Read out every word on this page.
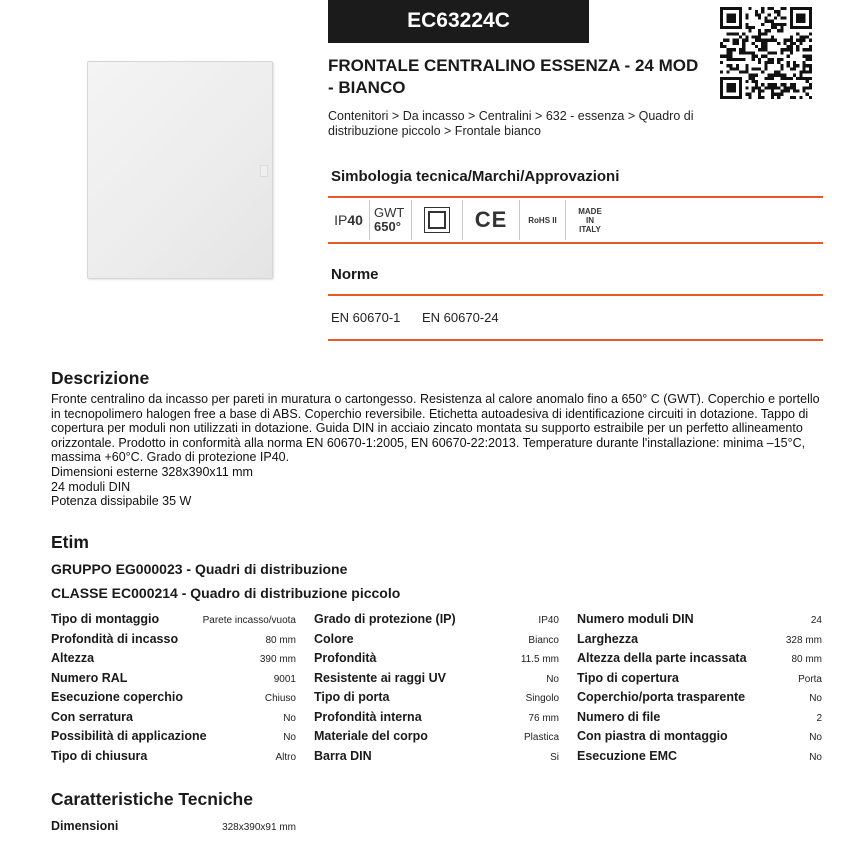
EC63224C
FRONTALE CENTRALINO ESSENZA - 24 MOD - BIANCO
Contenitori > Da incasso > Centralini > 632 - essenza > Quadro di distribuzione piccolo > Frontale bianco
Simbologia tecnica/Marchi/Approvazioni
IP 40 GWT
650°	CE	RoHS II
MADE
IN
ITALY
Norme
EN 60670-1 EN 60670-24
Descrizione
Fronte centralino da incasso per pareti in muratura o cartongesso. Resistenza al calore anomalo fino a 650° C (GWT). Coperchio e portello in tecnopolimero halogen free a base di ABS. Coperchio reversibile. Etichetta autoadesiva di identificazione circuiti in dotazione. Tappo di copertura per moduli non utilizzati in dotazione. Guida DIN in acciaio zincato montata su supporto estraibile per un perfetto allineamento orizzontale. Prodotto in conformità alla norma EN 60670-1:2005, EN 60670-22:2013. Temperature durante l'installazione: minima –15°C, massima +60°C. Grado di protezione IP40.
Dimensioni esterne 328x390x11 mm
24 moduli DIN
Potenza dissipabile 35 W
Etim
GRUPPO EG000023 - Quadri di distribuzione
CLASSE EC000214 - Quadro di distribuzione piccolo
Tipo di montaggio	Parete incasso/vuota
Profondità di incasso	80 mm
Altezza	390 mm
Numero RAL	9001
Esecuzione coperchio	Chiuso
Con serratura	No
Possibilità di applicazione	No
Tipo di chiusura	Altro
Grado di protezione (IP)	IP40
Colore	Bianco
Profondità	11.5 mm
Resistente ai raggi UV	No
Tipo di porta	Singolo
Profondità interna	76 mm
Materiale del corpo	Plastica
Barra DIN	Si
Numero moduli DIN	24
Larghezza	328 mm
Altezza della parte incassata	80 mm
Tipo di copertura	Porta
Coperchio/porta trasparente	No
Numero di file	2
Con piastra di montaggio	No
Esecuzione EMC	No
Caratteristiche Tecniche
Dimensioni	328x390x91 mm
